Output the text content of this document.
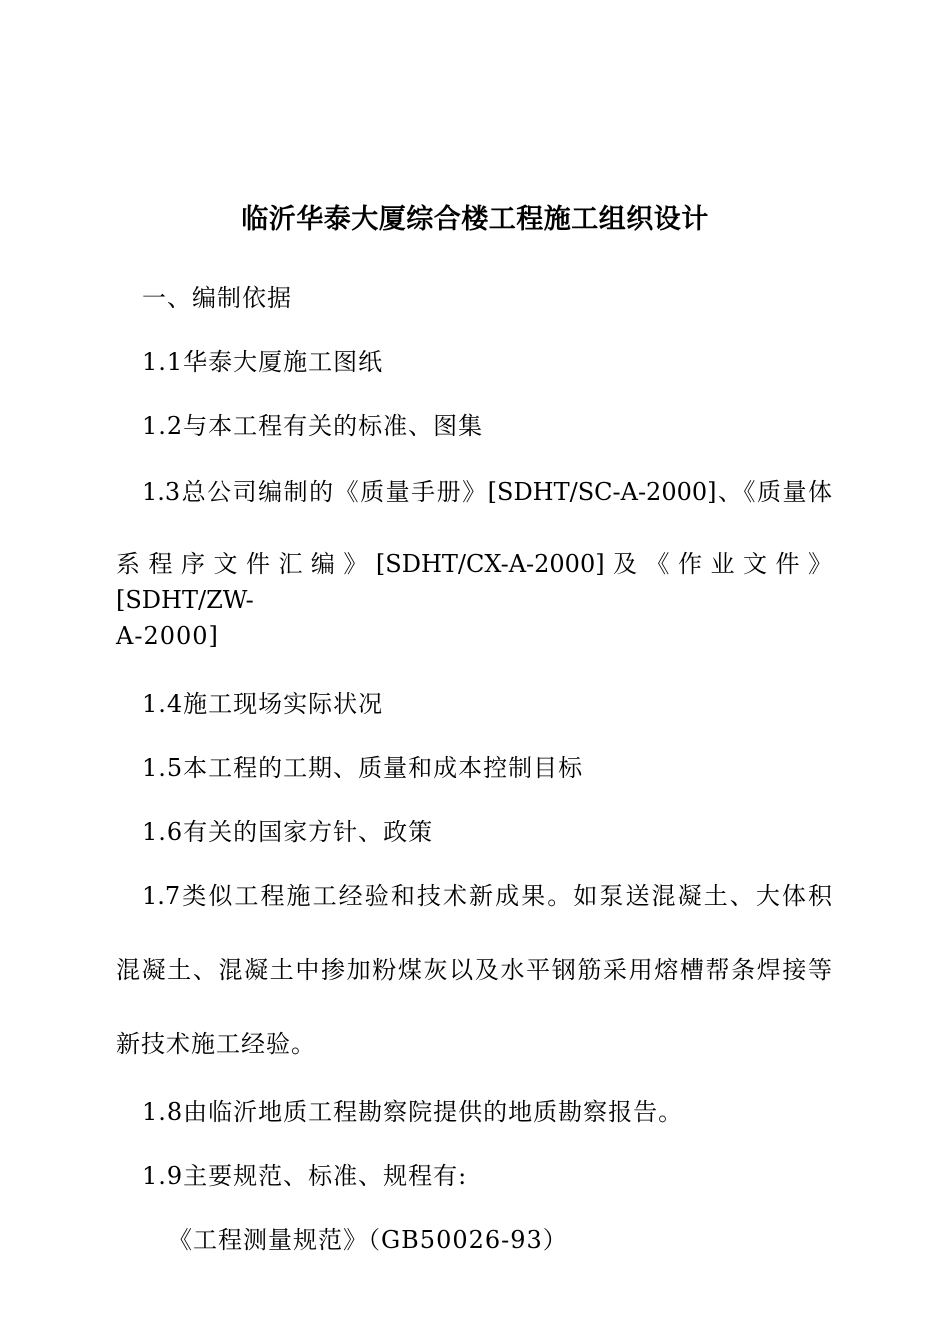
临沂华泰大厦综合楼工程施工组织设计
一、编制依据
1.1华泰大厦施工图纸
1.2与本工程有关的标准、图集
1.3总公司编制的《质量手册》[SDHT/SC-A-2000]、《质量体
系程序文件汇编》[SDHT/CX-A-2000]及《作业文件》[SDHT/ZW-
A-2000]
1.4施工现场实际状况
1.5本工程的工期、质量和成本控制目标
1.6有关的国家方针、政策
1.7类似工程施工经验和技术新成果。如泵送混凝土、大体积
混凝土、混凝土中掺加粉煤灰以及水平钢筋采用熔槽帮条焊接等
新技术施工经验。
1.8由临沂地质工程勘察院提供的地质勘察报告。
1.9主要规范、标准、规程有:
《工程测量规范》（GB50026-93）
